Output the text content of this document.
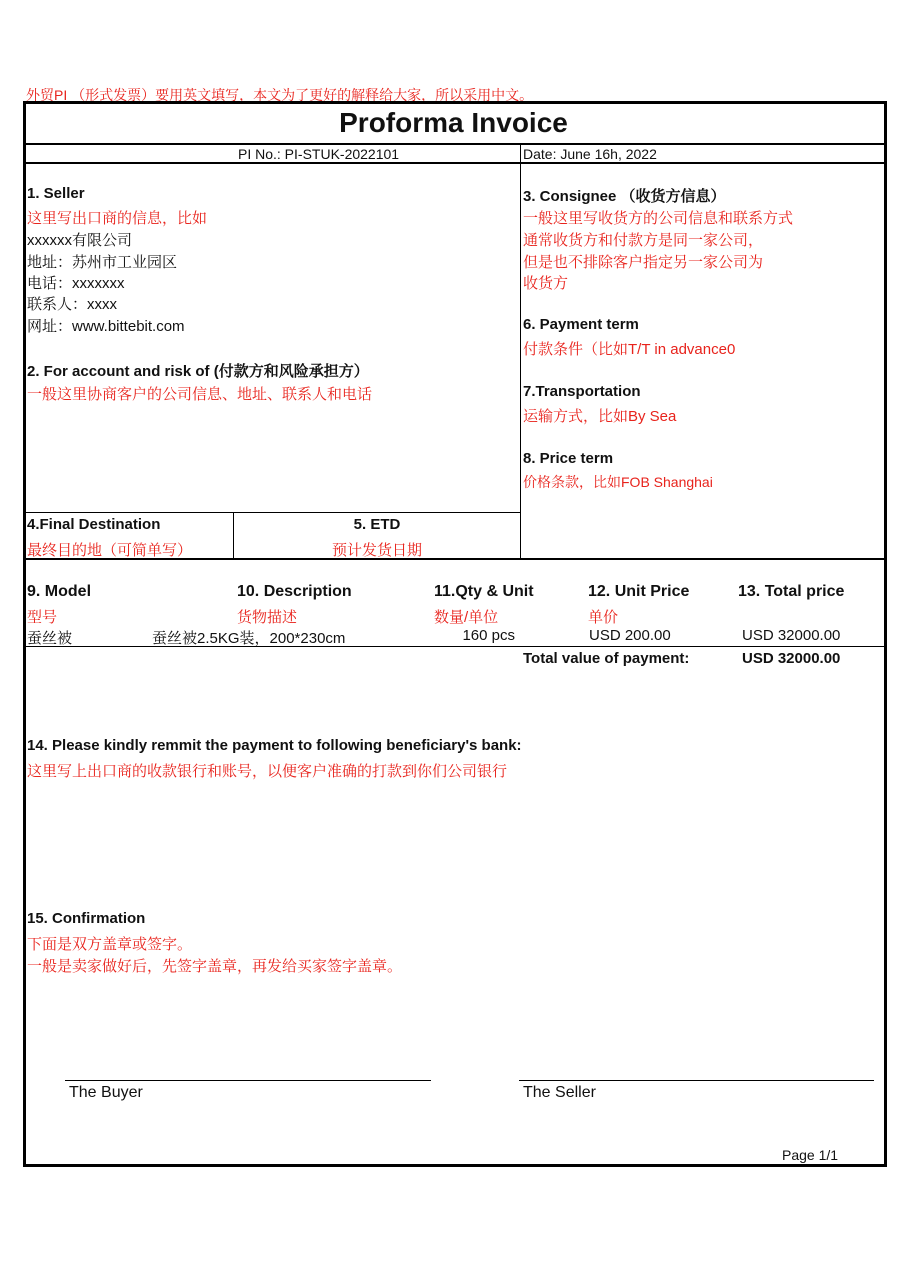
外贸PI （形式发票）要用英文填写，本文为了更好的解释给大家，所以采用中文。
Proforma Invoice
PI No.: PI-STUK-2022101	Date: June 16h, 2022
1. Seller
这里写出口商的信息，比如
xxxxxx有限公司
地址：苏州市工业园区
电话：xxxxxxx
联系人：xxxx
网址：www.bittebit.com
2. For account and risk of (付款方和风险承担方）
一般这里协商客户的公司信息、地址、联系人和电话
3. Consignee （收货方信息）
一般这里写收货方的公司信息和联系方式
通常收货方和付款方是同一家公司，
但是也不排除客户指定另一家公司为
收货方
6. Payment term
付款条件（比如T/T in advance0
7.Transportation
运输方式，比如By Sea
8. Price term
价格条款，比如FOB Shanghai
4.Final Destination
最终目的地（可简单写）
5. ETD
预计发货日期
9. Model	10. Description	11.Qty & Unit	12. Unit Price	13. Total price
型号	货物描述	数量/单位	单价
蚕丝被	蚕丝被2.5KG装，200*230cm	160 pcs	USD 200.00	USD 32000.00
Total value of payment:	USD 32000.00
14. Please kindly remmit the payment to following beneficiary's bank:
这里写上出口商的收款银行和账号，以便客户准确的打款到你们公司银行
15. Confirmation
下面是双方盖章或签字。
一般是卖家做好后，先签字盖章，再发给买家签字盖章。
The Buyer	The Seller
Page 1/1
